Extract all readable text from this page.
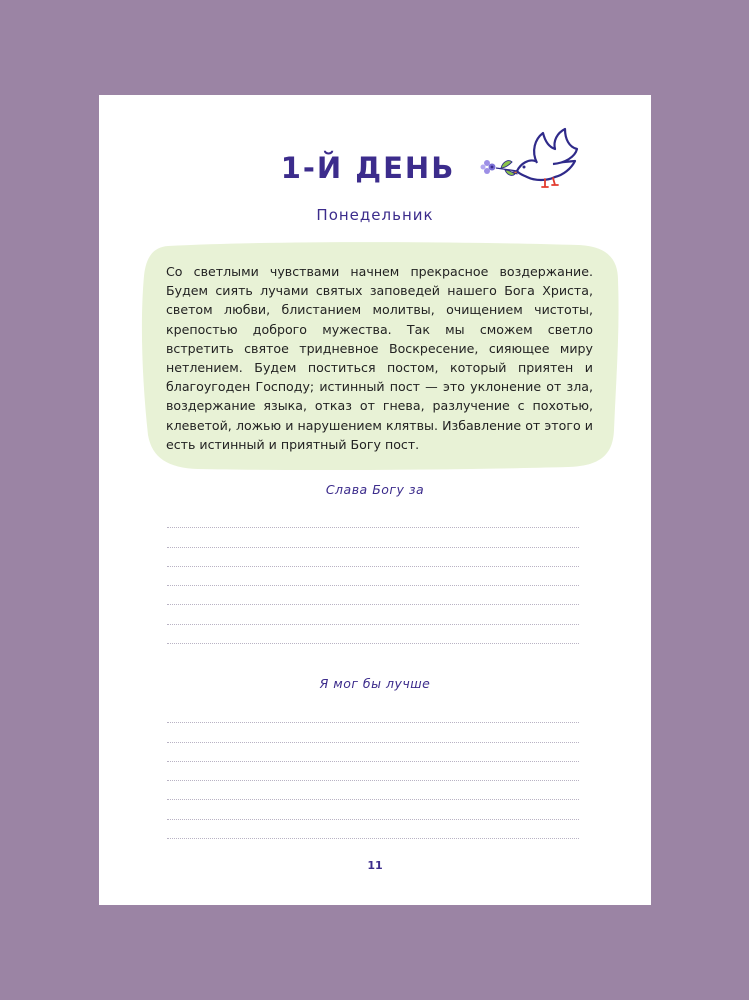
1-Й ДЕНЬ
Понедельник
Со светлыми чувствами начнем прекрасное воздержание. Будем сиять лучами святых заповедей нашего Бога Христа, светом любви, блистанием молитвы, очищением чистоты, крепостью доброго мужества. Так мы сможем светло встретить святое тридневное Воскресение, сияющее миру нетлением. Будем поститься постом, который приятен и благоугоден Господу; истинный пост — это уклонение от зла, воздержание языка, отказ от гнева, разлучение с похотью, клеветой, ложью и нарушением клятвы. Избавление от этого и есть истинный и приятный Богу пост.
Слава Богу за
Я мог бы лучше
11
